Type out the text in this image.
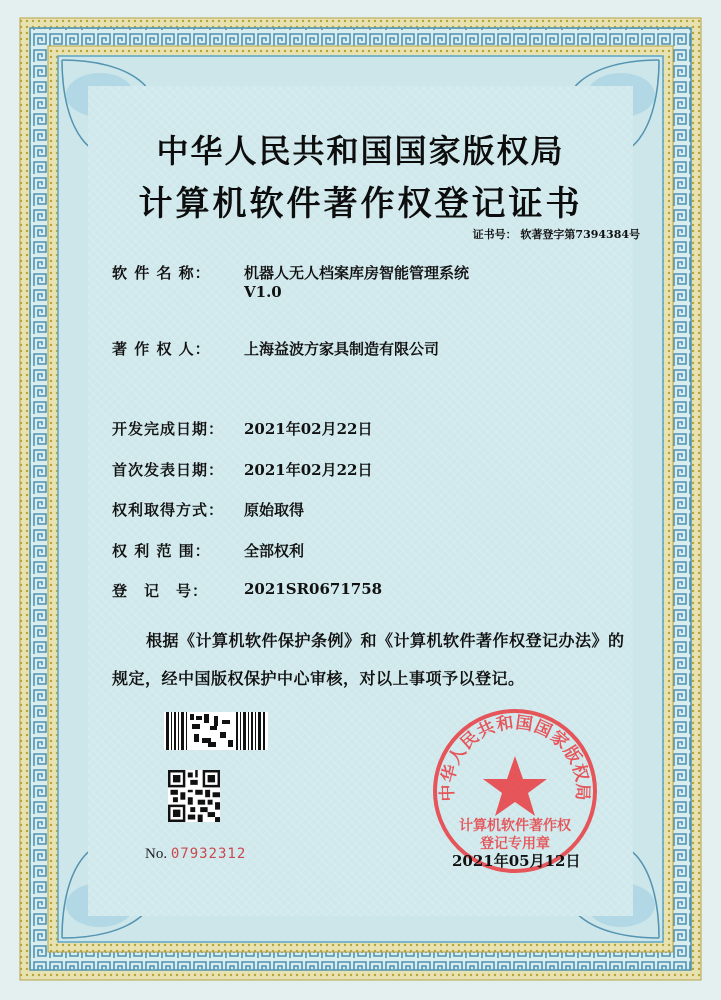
中华人民共和国国家版权局
计算机软件著作权登记证书
证书号： 软著登字第7394384号
软 件 名 称：	机器人无人档案库房智能管理系统
V1.0
著 作 权 人：	上海益波方家具制造有限公司
开发完成日期：	2021年02月22日
首次发表日期：	2021年02月22日
权利取得方式：	原始取得
权 利 范 围：	全部权利
登　记　号：	2021SR0671758
根据《计算机软件保护条例》和《计算机软件著作权登记办法》的
规定，经中国版权保护中心审核，对以上事项予以登记。
No. 07932312
中华人民共和国国家版权局
计算机软件著作权
登记专用章
2021年05月12日
